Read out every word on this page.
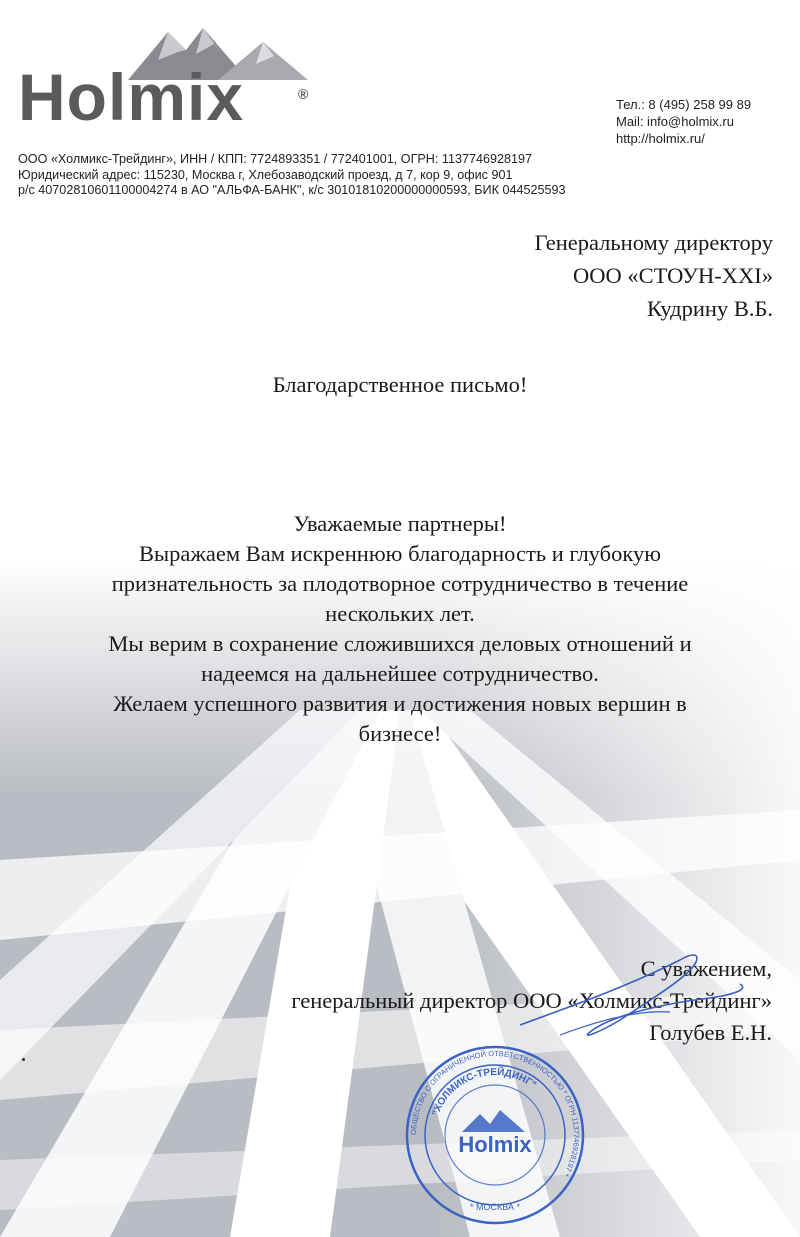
Holmix	®
Тел.: 8 (495) 258 99 89
Mail: info@holmix.ru
http://holmix.ru/
ООО «Холмикс-Трейдинг», ИНН / КПП: 7724893351 / 772401001, ОГРН: 1137746928197
Юридический адрес: 115230, Москва г, Хлебозаводский проезд, д 7, кор 9, офис 901
р/с 40702810601100004274 в АО "АЛЬФА-БАНК", к/с 30101810200000000593, БИК 044525593
Генеральному директору
ООО «СТОУН-XXI»
Кудрину В.Б.
Благодарственное письмо!
Уважаемые партнеры!
Выражаем Вам искреннюю благодарность и глубокую
признательность за плодотворное сотрудничество в течение
нескольких лет.
Мы верим в сохранение сложившихся деловых отношений и
надеемся на дальнейшее сотрудничество.
Желаем успешного развития и достижения новых вершин в
бизнесе!
С уважением,
генеральный директор ООО «Холмикс-Трейдинг»
Голубев Е.Н.
Holmix
ОБЩЕСТВО С ОГРАНИЧЕННОЙ ОТВЕТСТВЕННОСТЬЮ * ОГРН 1137746928197 *
"ХОЛМИКС-ТРЕЙДИНГ"
* МОСКВА *
